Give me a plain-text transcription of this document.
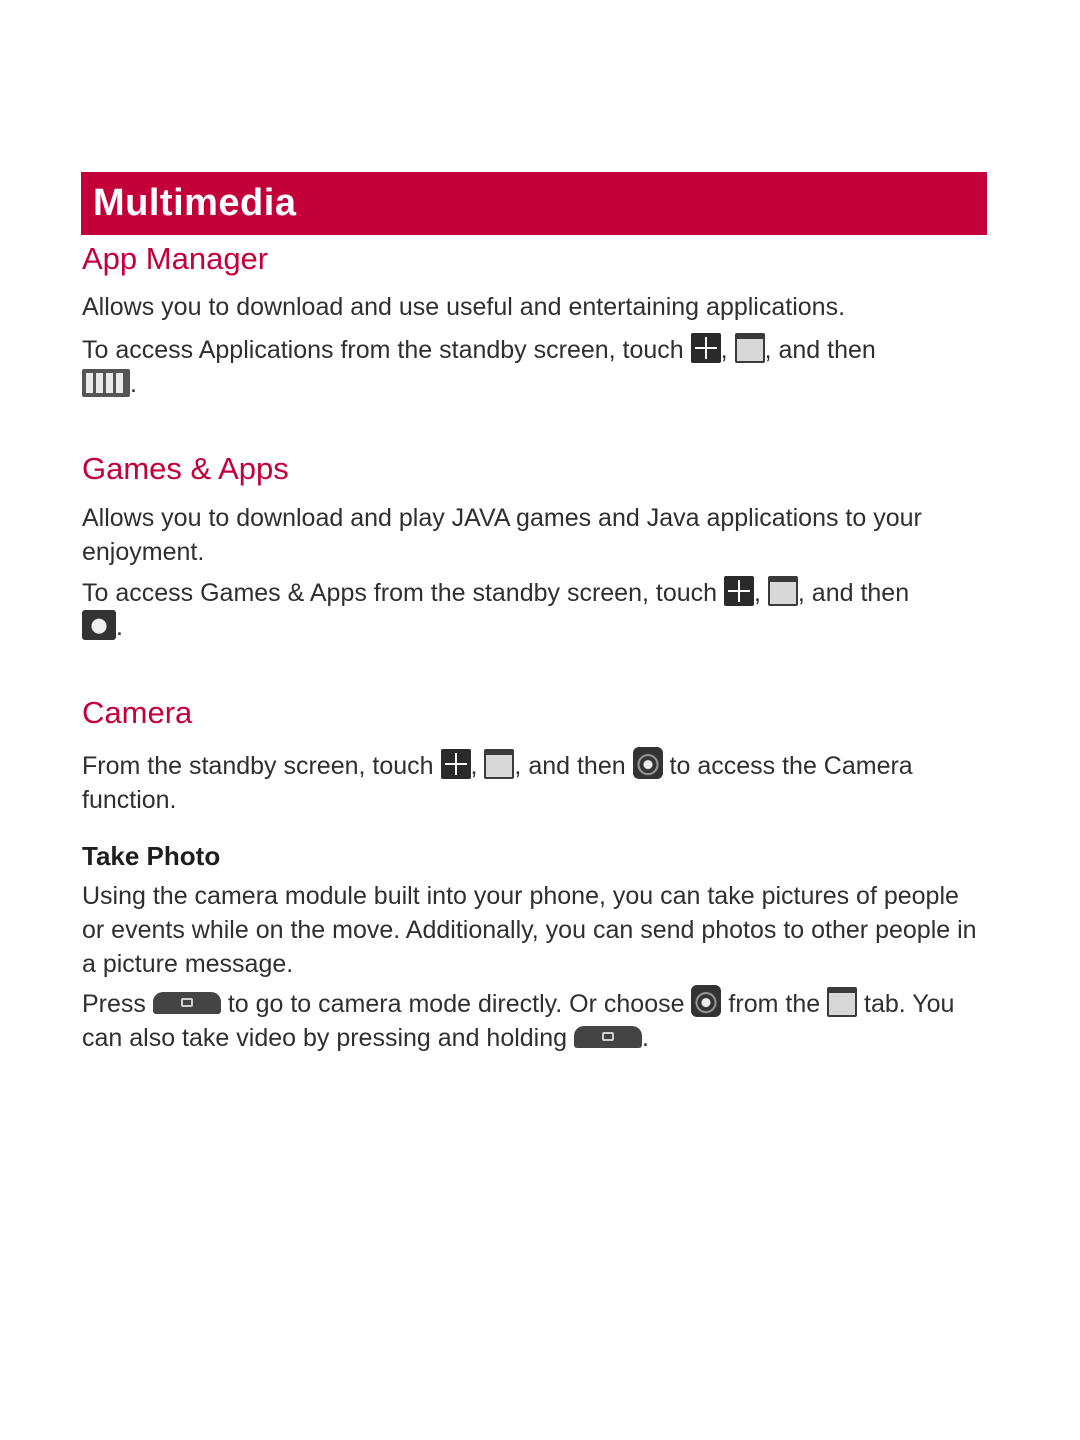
Multimedia
App Manager

Allows you to download and use useful and entertaining applications.

To access Applications from the standby screen, touch , , and then
.

Games & Apps

Allows you to download and play JAVA games and Java applications to your enjoyment.

To access Games & Apps from the standby screen, touch , , and then
.

Camera

From the standby screen, touch , , and then to access the Camera function.

Take Photo

Using the camera module built into your phone, you can take pictures of people or events while on the move. Additionally, you can send photos to other people in a picture message.

Press	to go to camera mode directly. Or choose from the tab. You can also take video by pressing and holding	.
